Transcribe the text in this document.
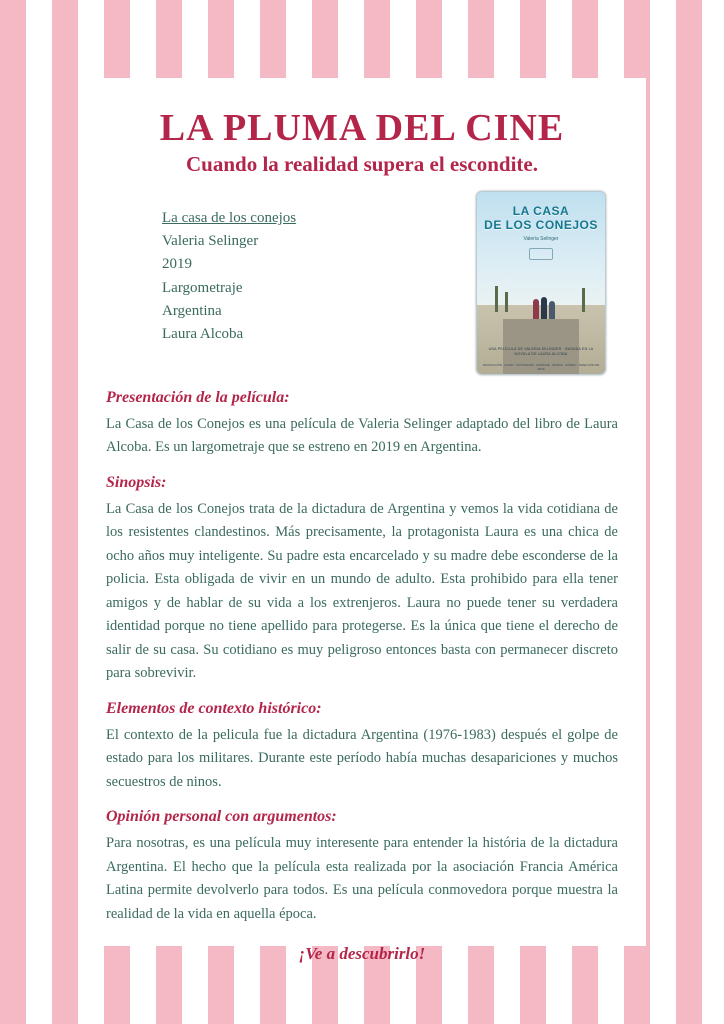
LA PLUMA DEL CINE
Cuando la realidad supera el escondite.
La casa de los conejos
Valeria Selinger
2019
Largometraje
Argentina
Laura Alcoba
LA CASA
DE LOS CONEJOS
Valeria Selinger
UNA PELÍCULA DE VALERIA SELINGER · BASADA EN LA NOVELA DE LAURA ALCOBA
PRODUCCIÓN · GUION · FOTOGRAFÍA · MONTAJE · MÚSICA · SONIDO · DIRECCIÓN DE ARTE
Presentación de la película:

La Casa de los Conejos es una película de Valeria Selinger adaptado del libro de Laura Alcoba. Es un largometraje que se estreno en 2019 en Argentina.

Sinopsis:

La Casa de los Conejos trata de la dictadura de Argentina y vemos la vida cotidiana de los resistentes clandestinos. Más precisamente, la protagonista Laura es una chica de ocho años muy inteligente. Su padre esta encarcelado y su madre debe esconderse de la policia. Esta obligada de vivir en un mundo de adulto. Esta prohibido para ella tener amigos y de hablar de su vida a los extrenjeros. Laura no puede tener su verdadera identidad porque no tiene apellido para protegerse. Es la única que tiene el derecho de salir de su casa. Su cotidiano es muy peligroso entonces basta con permanecer discreto para sobrevivir.

Elementos de contexto histórico:

El contexto de la pelicula fue la dictadura Argentina (1976-1983) después el golpe de estado para los militares. Durante este período había muchas desapariciones y muchos secuestros de ninos.

Opinión personal con argumentos:

Para nosotras, es una película muy interesente para entender la história de la dictadura Argentina. El hecho que la película esta realizada por la asociación Francia América Latina permite devolverlo para todos. Es una película conmovedora porque muestra la realidad de la vida en aquella época.

¡Ve a descubrirlo!
